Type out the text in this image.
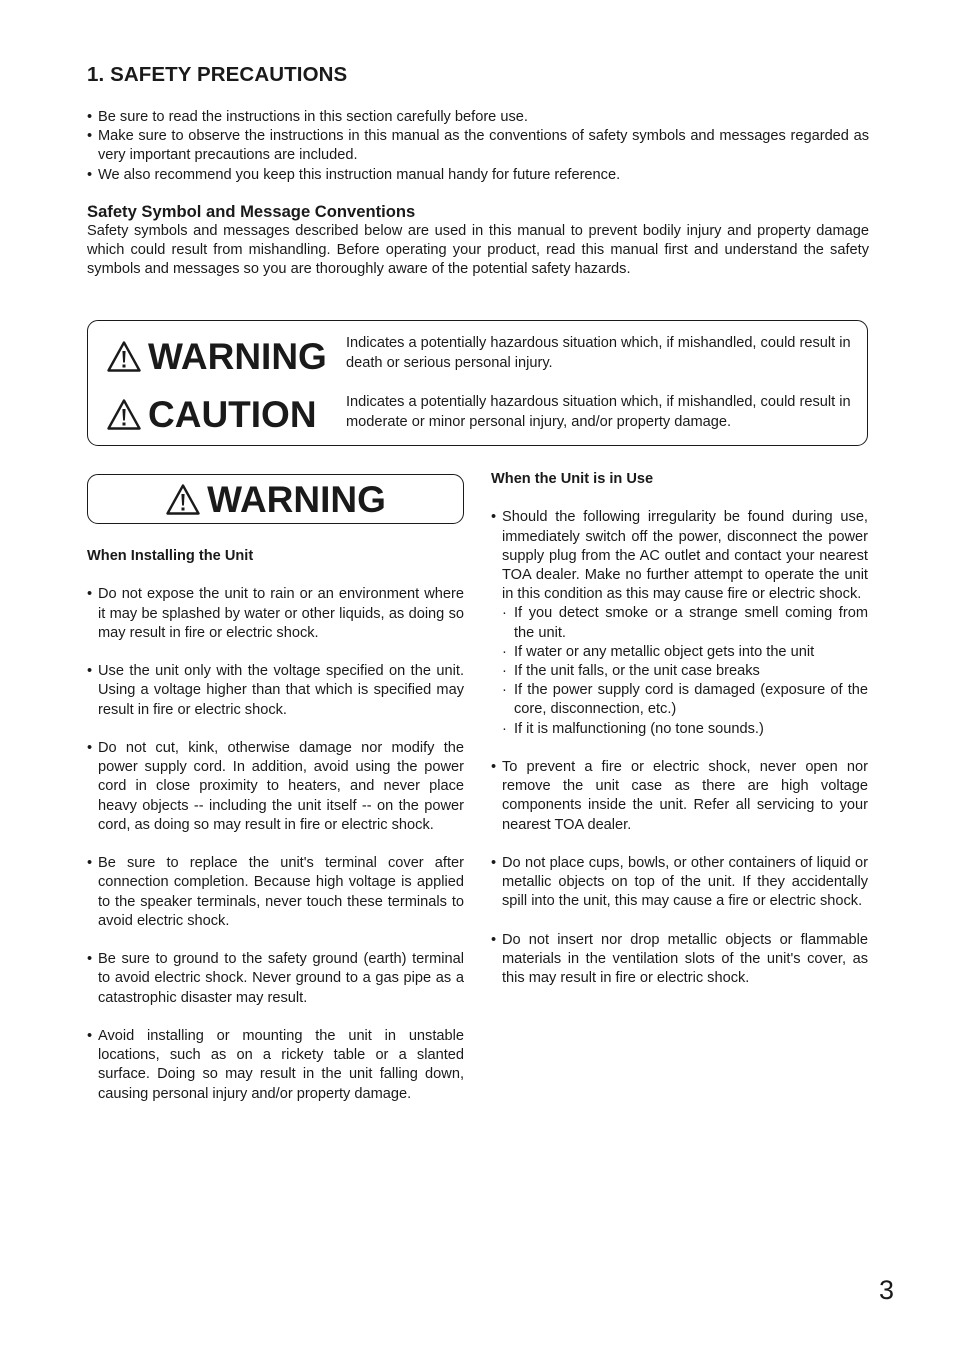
1. SAFETY PRECAUTIONS
• Be sure to read the instructions in this section carefully before use.
• Make sure to observe the instructions in this manual as the conventions of safety symbols and messages regarded as very important precautions are included.
• We also recommend you keep this instruction manual handy for future reference.
Safety Symbol and Message Conventions

Safety symbols and messages described below are used in this manual to prevent bodily injury and property damage which could result from mishandling. Before operating your product, read this manual first and understand the safety symbols and messages so you are thoroughly aware of the potential safety hazards.

WARNING Indicates a potentially hazardous situation which, if mishandled, could result in death or serious personal injury.
CAUTION Indicates a potentially hazardous situation which, if mishandled, could result in moderate or minor personal injury, and/or property damage.
WARNING
When Installing the Unit
• Do not expose the unit to rain or an environment where it may be splashed by water or other liquids, as doing so may result in fire or electric shock.
• Use the unit only with the voltage specified on the unit. Using a voltage higher than that which is specified may result in fire or electric shock.
• Do not cut, kink, otherwise damage nor modify the power supply cord. In addition, avoid using the power cord in close proximity to heaters, and never place heavy objects -- including the unit itself -- on the power cord, as doing so may result in fire or electric shock.
• Be sure to replace the unit's terminal cover after connection completion. Because high voltage is applied to the speaker terminals, never touch these terminals to avoid electric shock.
• Be sure to ground to the safety ground (earth) terminal to avoid electric shock. Never ground to a gas pipe as a catastrophic disaster may result.
• Avoid installing or mounting the unit in unstable locations, such as on a rickety table or a slanted surface. Doing so may result in the unit falling down, causing personal injury and/or property damage.
When the Unit is in Use
• Should the following irregularity be found during use, immediately switch off the power, disconnect the power supply plug from the AC outlet and contact your nearest TOA dealer. Make no further attempt to operate the unit in this condition as this may cause fire or electric shock.
· If you detect smoke or a strange smell coming from the unit.
· If water or any metallic object gets into the unit
· If the unit falls, or the unit case breaks
· If the power supply cord is damaged (exposure of the core, disconnection, etc.)
· If it is malfunctioning (no tone sounds.)
• To prevent a fire or electric shock, never open nor remove the unit case as there are high voltage components inside the unit. Refer all servicing to your nearest TOA dealer.
• Do not place cups, bowls, or other containers of liquid or metallic objects on top of the unit. If they accidentally spill into the unit, this may cause a fire or electric shock.
• Do not insert nor drop metallic objects or flammable materials in the ventilation slots of the unit's cover, as this may result in fire or electric shock.
3
